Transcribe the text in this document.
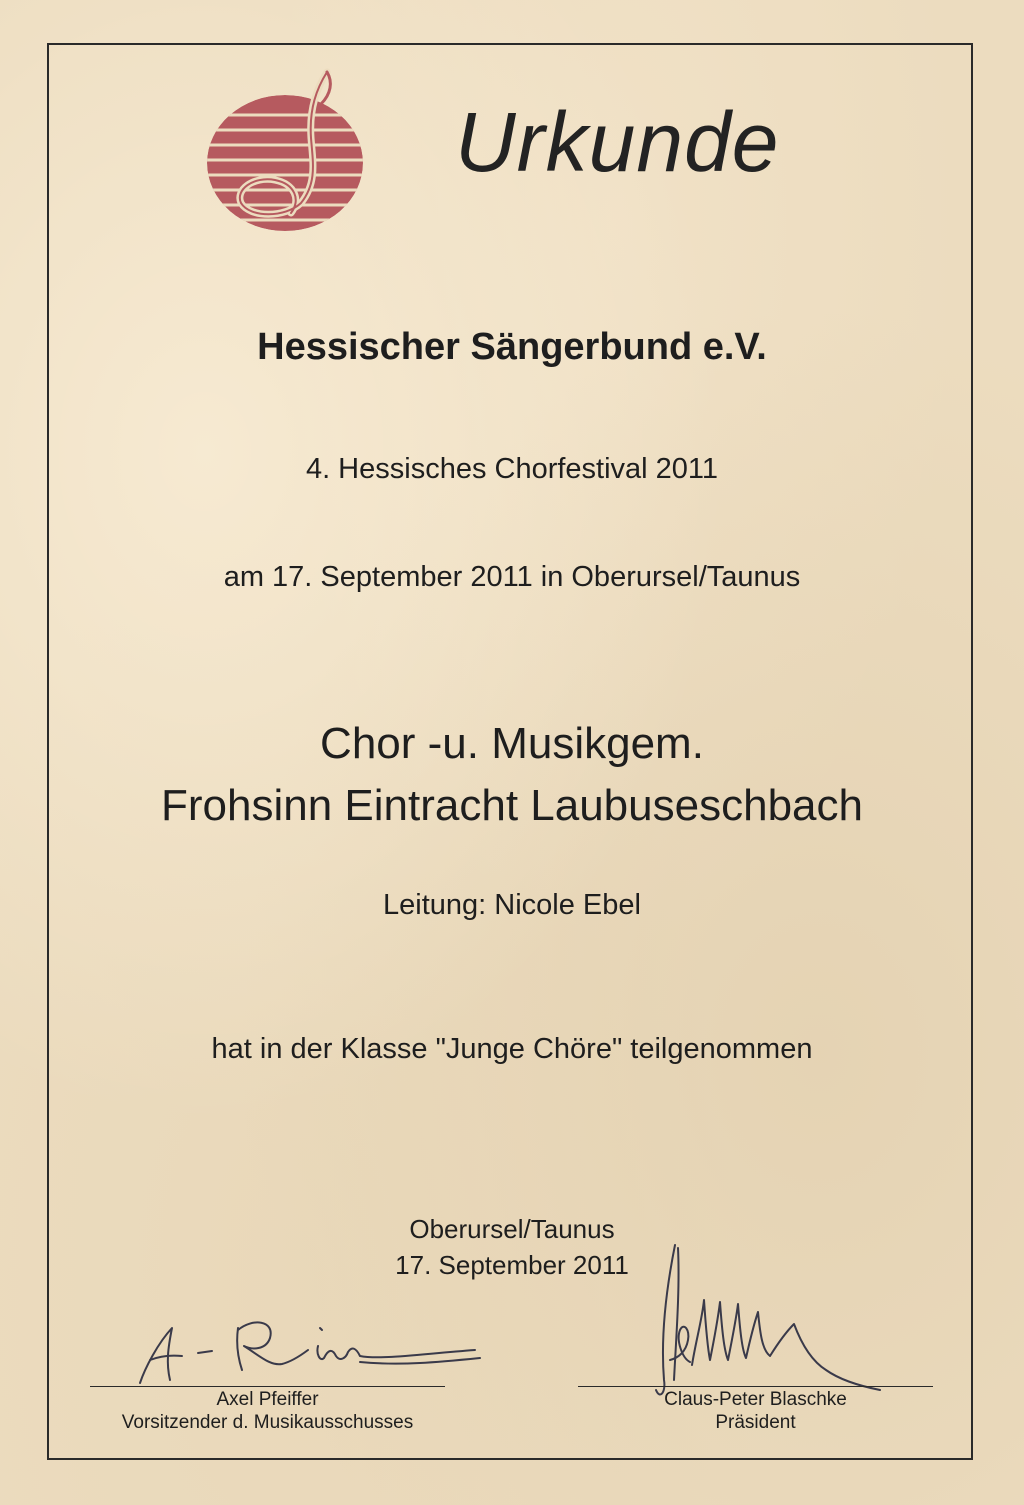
Urkunde
Hessischer Sängerbund e.V.
4. Hessisches Chorfestival 2011
am 17. September 2011 in Oberursel/Taunus
Chor -u. Musikgem.
Frohsinn Eintracht Laubuseschbach
Leitung: Nicole Ebel
hat in der Klasse "Junge Chöre" teilgenommen
Oberursel/Taunus
17. September 2011
Axel Pfeiffer
Vorsitzender d. Musikausschusses
Claus-Peter Blaschke
Präsident
